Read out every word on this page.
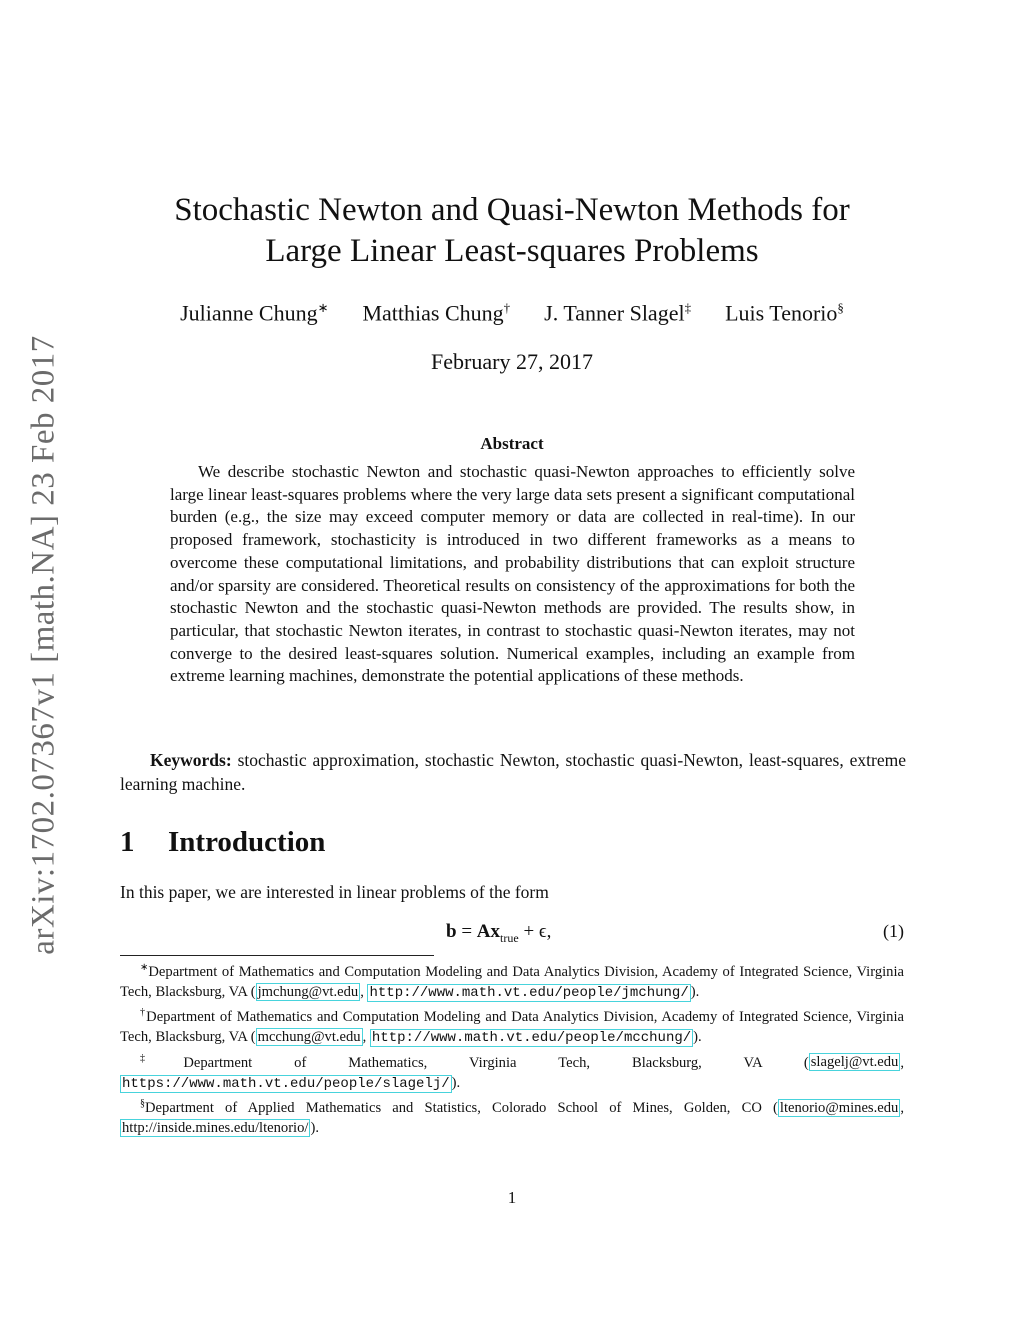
arXiv:1702.07367v1 [math.NA] 23 Feb 2017
Stochastic Newton and Quasi-Newton Methods for
Large Linear Least-squares Problems
Julianne Chung∗ Matthias Chung† J. Tanner Slagel‡ Luis Tenorio§
February 27, 2017
Abstract

We describe stochastic Newton and stochastic quasi-Newton approaches to efficiently solve large linear least-squares problems where the very large data sets present a significant computational burden (e.g., the size may exceed computer memory or data are collected in real-time). In our proposed framework, stochasticity is introduced in two different frameworks as a means to overcome these computational limitations, and probability distributions that can exploit structure and/or sparsity are considered. Theoretical results on consistency of the approximations for both the stochastic Newton and the stochastic quasi-Newton methods are provided. The results show, in particular, that stochastic Newton iterates, in contrast to stochastic quasi-Newton iterates, may not converge to the desired least-squares solution. Numerical examples, including an example from extreme learning machines, demonstrate the potential applications of these methods.

Keywords: stochastic approximation, stochastic Newton, stochastic quasi-Newton, least-squares, extreme learning machine.

1 Introduction

In this paper, we are interested in linear problems of the form

$b = Ax_{true} + \epsilon$,	(1)

∗Department of Mathematics and Computation Modeling and Data Analytics Division, Academy of Integrated Science, Virginia Tech, Blacksburg, VA ( jmchung@vt.edu , http://www.math.vt.edu/people/jmchung/ ).

†Department of Mathematics and Computation Modeling and Data Analytics Division, Academy of Integrated Science, Virginia Tech, Blacksburg, VA ( mcchung@vt.edu , http://www.math.vt.edu/people/mcchung/ ).

‡Department of Mathematics, Virginia Tech, Blacksburg, VA ( slagelj@vt.edu , https://www.math.vt.edu/people/slagelj/ ).

§Department of Applied Mathematics and Statistics, Colorado School of Mines, Golden, CO ( ltenorio@mines.edu , http://inside.mines.edu/ltenorio/ ).

1
